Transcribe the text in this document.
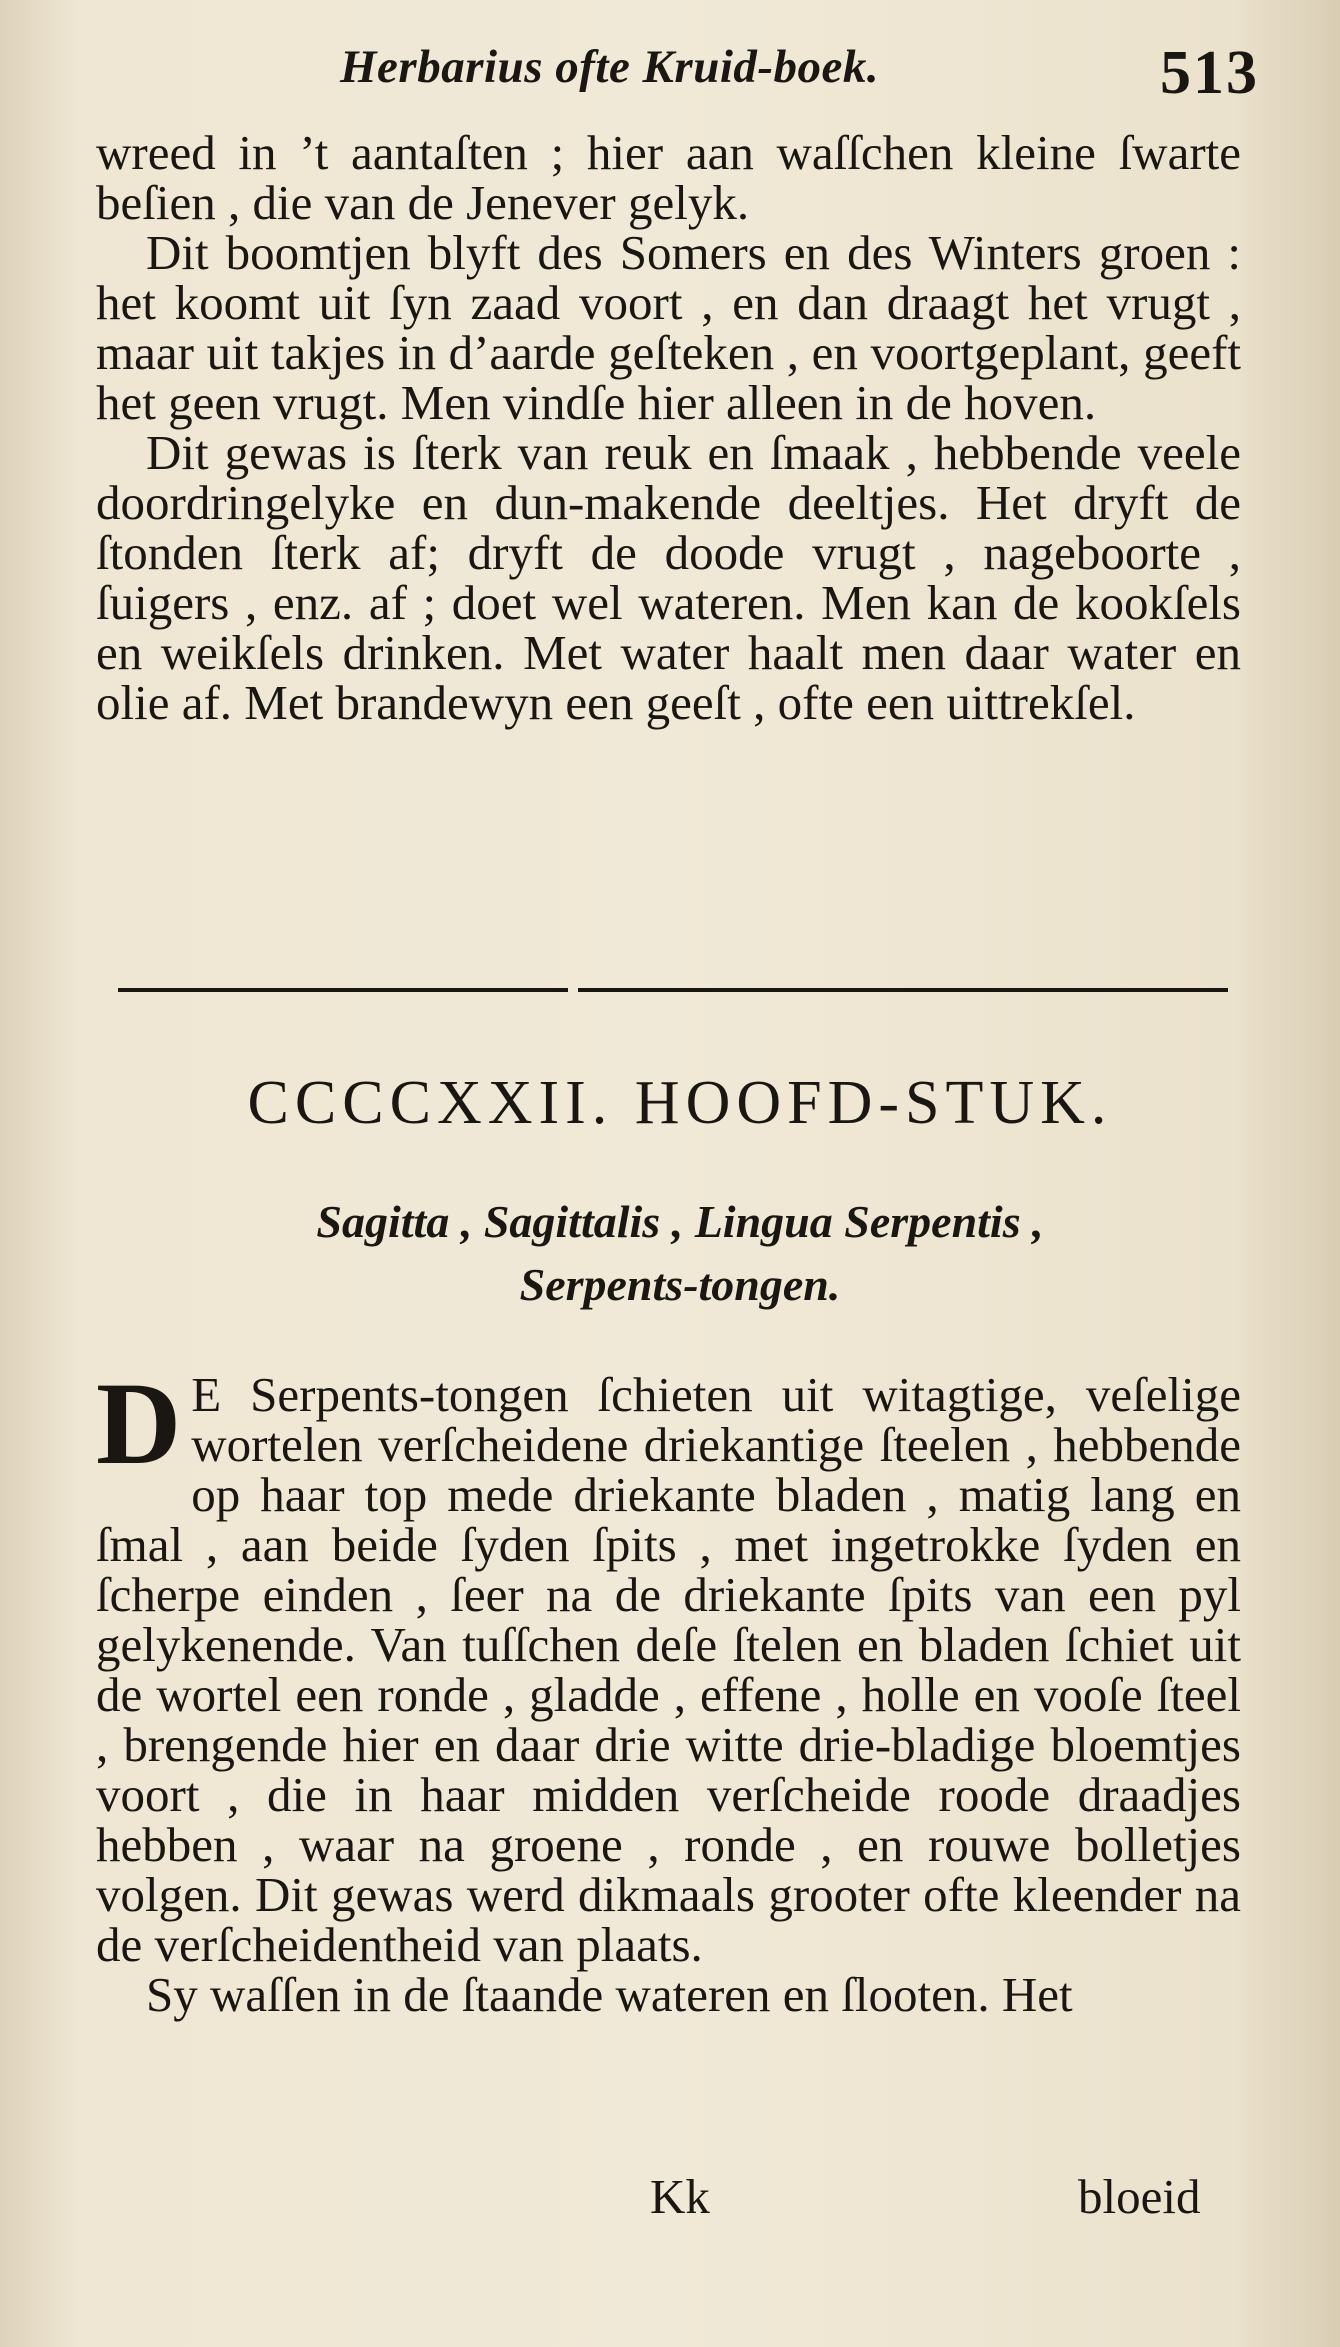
Herbarius ofte Kruid-boek.	513

wreed in ’t aantaſten ; hier aan waſſchen kleine ſwarte beſien , die van de Jenever gelyk.

Dit boomtjen blyft des Somers en des Winters groen : het koomt uit ſyn zaad voort , en dan draagt het vrugt , maar uit takjes in d’aarde geſteken , en voortgeplant, geeft het geen vrugt. Men vindſe hier alleen in de hoven.

Dit gewas is ſterk van reuk en ſmaak , hebbende veele doordringelyke en dun-makende deeltjes. Het dryft de ſtonden ſterk af; dryft de doode vrugt , nageboorte , ſuigers , enz. af ; doet wel wateren. Men kan de kookſels en weikſels drinken. Met water haalt men daar water en olie af. Met brandewyn een geeſt , ofte een uittrekſel.

CCCCXXII. HOOFD-STUK.
Sagitta , Sagittalis , Lingua Serpentis ,
Serpents-tongen.

D E Serpents-tongen ſchieten uit witagtige, veſelige wortelen verſcheidene driekantige ſteelen , hebbende op haar top mede driekante bladen , matig lang en ſmal , aan beide ſyden ſpits , met ingetrokke ſyden en ſcherpe einden , ſeer na de driekante ſpits van een pyl gelykenende. Van tuſſchen deſe ſtelen en bladen ſchiet uit de wortel een ronde , gladde , effene , holle en vooſe ſteel , brengende hier en daar drie witte drie-bladige bloemtjes voort , die in haar midden verſcheide roode draadjes hebben , waar na groene , ronde , en rouwe bolletjes volgen. Dit gewas werd dikmaals grooter ofte kleender na de verſcheidentheid van plaats.

Sy waſſen in de ſtaande wateren en ſlooten. Het

Kk	bloeid
